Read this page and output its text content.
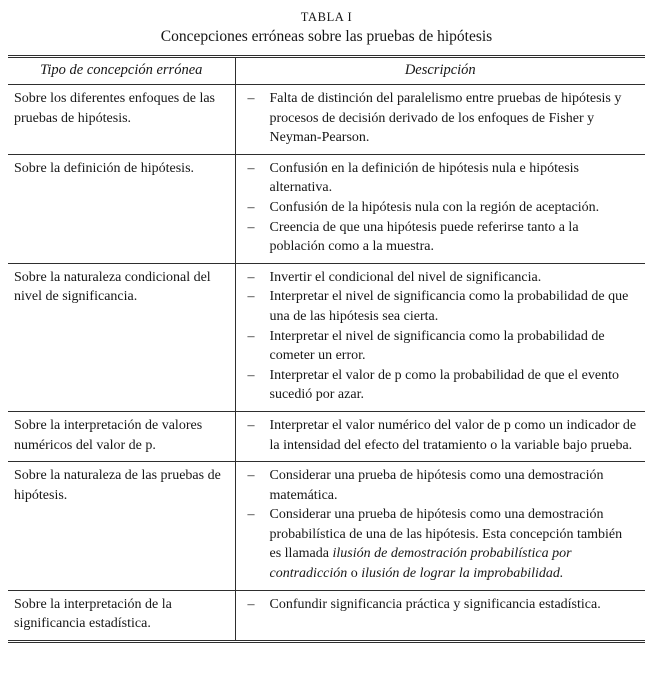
TABLA I
Concepciones erróneas sobre las pruebas de hipótesis
Tipo de concepción errónea	Descripción
Sobre los diferentes enfoques de las pruebas de hipótesis.	– Falta de distinción del paralelismo entre pruebas de hipótesis y procesos de decisión derivado de los enfoques de Fisher y Neyman-Pearson.

Sobre la definición de hipótesis.	–	Confusión en la definición de hipótesis nula e hipótesis alternativa.
–	Confusión de la hipótesis nula con la región de aceptación.
–	Creencia de que una hipótesis puede referirse tanto a la población como a la muestra.

Sobre la naturaleza condicional del nivel de significancia.	
–	Invertir el condicional del nivel de significancia.
–	Interpretar el nivel de significancia como la probabilidad de que una de las hipótesis sea cierta.
–	Interpretar el nivel de significancia como la probabilidad de cometer un error.
–	Interpretar el valor de p como la probabilidad de que el evento sucedió por azar.

Sobre la interpretación de valores numéricos del valor de p.	– Interpretar el valor numérico del valor de p como un indicador de la intensidad del efecto del tratamiento o la variable bajo prueba.

Sobre la naturaleza de las pruebas de hipótesis.	– Considerar una prueba de hipótesis como una demostración matemática.
– Considerar una prueba de hipótesis como una demostración probabilística de una de las hipótesis. Esta concepción también es llamada ilusión de demostración probabilística por contradicción o ilusión de lograr la improbabilidad.

Sobre la interpretación de la significancia estadística.	– Confundir significancia práctica y significancia estadística.
